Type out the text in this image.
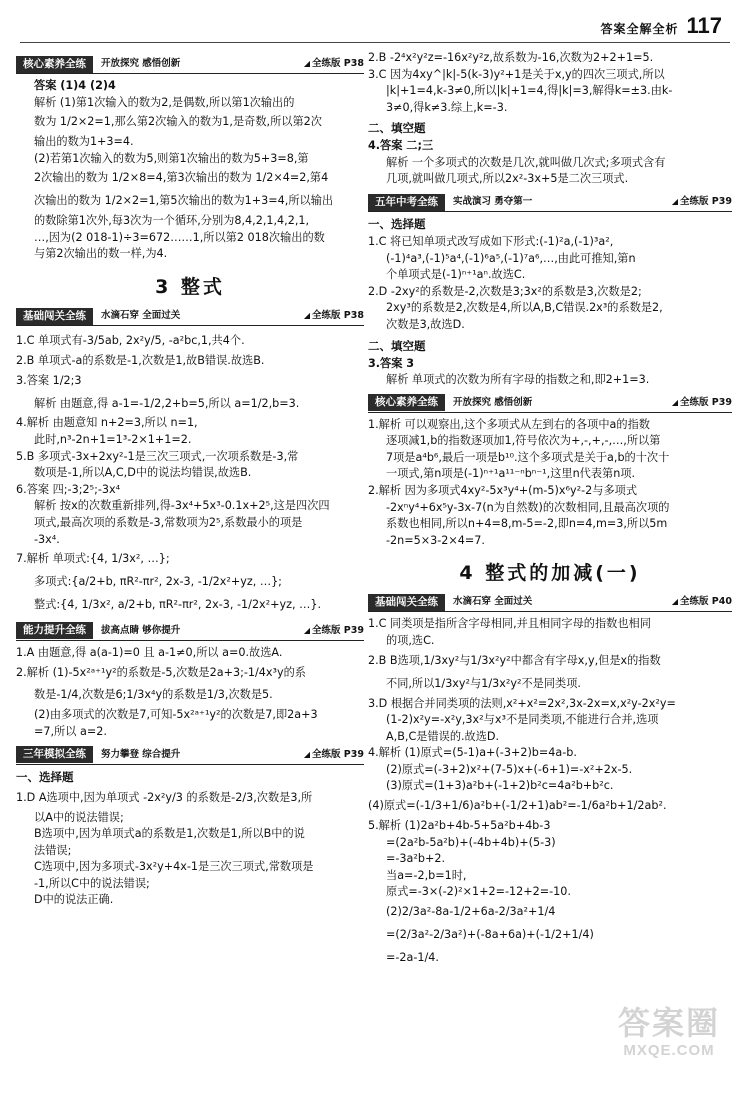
答案全解全析 117
核心素养全练	开放探究 感悟创新	◢ 全练版 P38
答案 (1)4 (2)4
解析 (1)第1次输入的数为2,是偶数,所以第1次输出的
数为 1/2×2=1,那么第2次输入的数为1,是奇数,所以第2次
输出的数为1+3=4.
(2)若第1次输入的数为5,则第1次输出的数为5+3=8,第
2次输出的数为 1/2×8=4,第3次输出的数为 1/2×4=2,第4
次输出的数为 1/2×2=1,第5次输出的数为1+3=4,所以输出
的数除第1次外,每3次为一个循环,分别为8,4,2,1,4,2,1,
…,因为(2 018-1)÷3=672……1,所以第2 018次输出的数
与第2次输出的数一样,为4.
3 整式
基础闯关全练	水滴石穿 全面过关	◢ 全练版 P38
1.C 单项式有-3/5ab, 2x²y/5, -a²bc,1,共4个.
2.B 单项式-a的系数是-1,次数是1,故B错误.故选B.
3.答案 1/2;3
解析 由题意,得 a-1=-1/2,2+b=5,所以 a=1/2,b=3.
4.解析 由题意知 n+2=3,所以 n=1,
此时,n³-2n+1=1³-2×1+1=2.
5.B 多项式-3x+2xy²-1是三次三项式,一次项系数是-3,常
数项是-1,所以A,C,D中的说法均错误,故选B.
6.答案 四;-3;2⁵;-3x⁴
解析 按x的次数重新排列,得-3x⁴+5x³-0.1x+2⁵,这是四次四
项式,最高次项的系数是-3,常数项为2⁵,系数最小的项是
-3x⁴.
7.解析 单项式:{4, 1/3x², …};
多项式:{a/2+b, πR²-πr², 2x-3, -1/2x²+yz, …};
整式:{4, 1/3x², a/2+b, πR²-πr², 2x-3, -1/2x²+yz, …}.
能力提升全练	拔高点睛 够你提升	◢ 全练版 P39
1.A 由题意,得 a(a-1)=0 且 a-1≠0,所以 a=0.故选A.
2.解析 (1)-5x²ᵃ⁺¹y²的系数是-5,次数是2a+3;-1/4x³y的系
数是-1/4,次数是6;1/3x⁴y的系数是1/3,次数是5.
(2)由多项式的次数是7,可知-5x²ᵃ⁺¹y²的次数是7,即2a+3
=7,所以 a=2.
三年模拟全练	努力攀登 综合提升	◢ 全练版 P39
一、选择题
1.D A选项中,因为单项式 -2x²y/3 的系数是-2/3,次数是3,所
以A中的说法错误;
B选项中,因为单项式a的系数是1,次数是1,所以B中的说
法错误;
C选项中,因为多项式-3x²y+4x-1是三次三项式,常数项是
-1,所以C中的说法错误;
D中的说法正确.
2.B -2⁴x²y²z=-16x²y²z,故系数为-16,次数为2+2+1=5.
3.C 因为4xy^|k|-5(k-3)y²+1是关于x,y的四次三项式,所以
|k|+1=4,k-3≠0,所以|k|+1=4,得|k|=3,解得k=±3.由k-
3≠0,得k≠3.综上,k=-3.
二、填空题
4.答案 二;三
解析 一个多项式的次数是几次,就叫做几次式;多项式含有
几项,就叫做几项式,所以2x²-3x+5是二次三项式.
五年中考全练	实战演习 勇夺第一	◢ 全练版 P39
一、选择题
1.C 将已知单项式改写成如下形式:(-1)²a,(-1)³a²,
(-1)⁴a³,(-1)⁵a⁴,(-1)⁶a⁵,(-1)⁷a⁶,…,由此可推知,第n
个单项式是(-1)ⁿ⁺¹aⁿ.故选C.
2.D -2xy²的系数是-2,次数是3;3x²的系数是3,次数是2;
2xy³的系数是2,次数是4,所以A,B,C错误.2x³的系数是2,
次数是3,故选D.
二、填空题
3.答案 3
解析 单项式的次数为所有字母的指数之和,即2+1=3.
核心素养全练	开放探究 感悟创新	◢ 全练版 P39
1.解析 可以观察出,这个多项式从左到右的各项中a的指数
逐项减1,b的指数逐项加1,符号依次为+,-,+,-,…,所以第
7项是a⁴b⁶,最后一项是b¹⁰.这个多项式是关于a,b的十次十
一项式,第n项是(-1)ⁿ⁺¹a¹¹⁻ⁿbⁿ⁻¹,这里n代表第n项.
2.解析 因为多项式4xy²-5x³y⁴+(m-5)x⁶y²-2与多项式
-2xⁿy⁴+6x⁵y-3x-7(n为自然数)的次数相同,且最高次项的
系数也相同,所以n+4=8,m-5=-2,即n=4,m=3,所以5m
-2n=5×3-2×4=7.
4 整式的加减(一)
基础闯关全练	水滴石穿 全面过关	◢ 全练版 P40
1.C 同类项是指所含字母相同,并且相同字母的指数也相同
的项,选C.
2.B B选项,1/3xy²与1/3x²y²中都含有字母x,y,但是x的指数
不同,所以1/3xy²与1/3x²y²不是同类项.
3.D 根据合并同类项的法则,x²+x²=2x²,3x-2x=x,x²y-2x²y=
(1-2)x²y=-x²y,3x²与x³不是同类项,不能进行合并,选项
A,B,C是错误的.故选D.
4.解析 (1)原式=(5-1)a+(-3+2)b=4a-b.
(2)原式=(-3+2)x²+(7-5)x+(-6+1)=-x²+2x-5.
(3)原式=(1+3)a²b+(-1+2)b²c=4a²b+b²c.
(4)原式=(-1/3+1/6)a²b+(-1/2+1)ab²=-1/6a²b+1/2ab².
5.解析 (1)2a²b+4b-5+5a²b+4b-3
=(2a²b-5a²b)+(-4b+4b)+(5-3)
=-3a²b+2.
当a=-2,b=1时,
原式=-3×(-2)²×1+2=-12+2=-10.
(2)2/3a²-8a-1/2+6a-2/3a²+1/4
=(2/3a²-2/3a²)+(-8a+6a)+(-1/2+1/4)
=-2a-1/4.
答案圈
MXQE.COM
